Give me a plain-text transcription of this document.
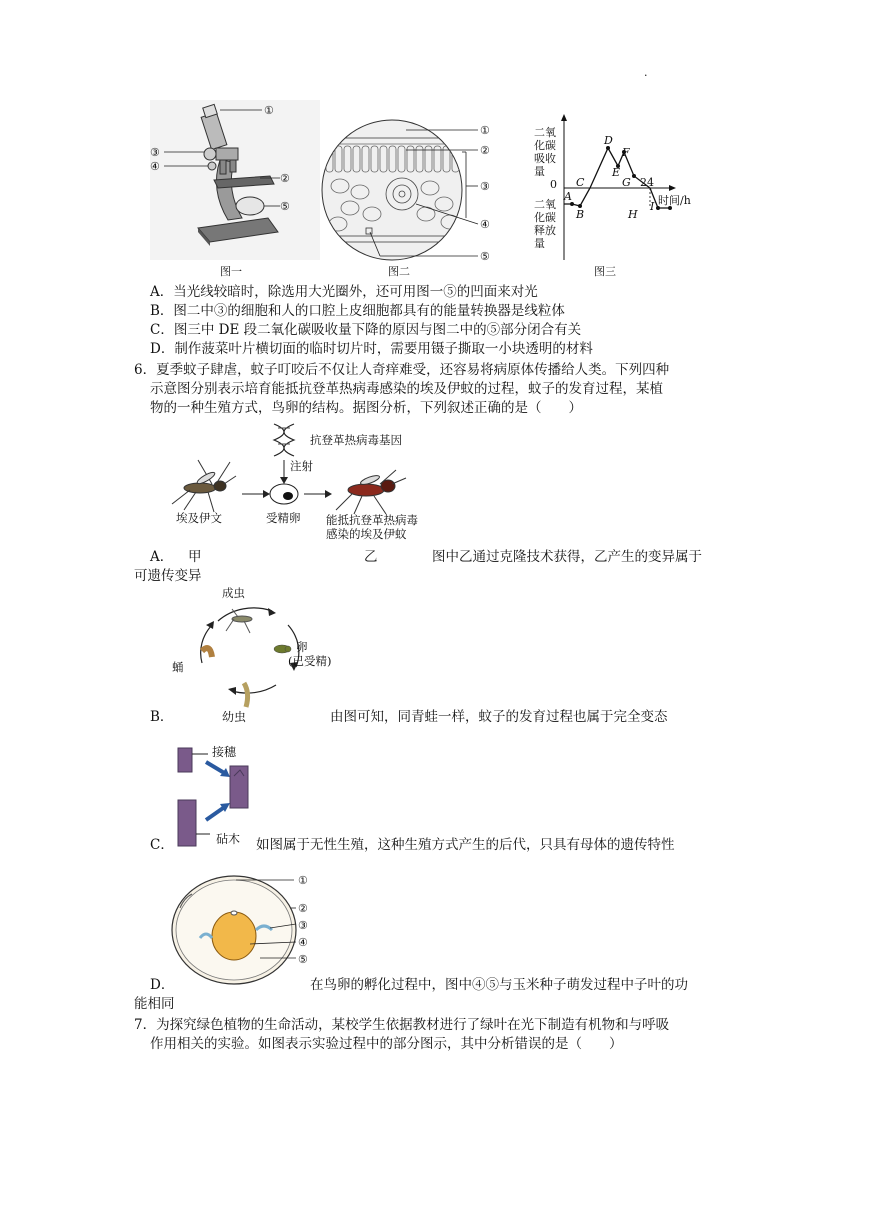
.
①
③
④
②
⑤
图一
①
②
③
④
⑤
图二
二氧
化碳
吸收
量
0
二氧
化碳
释放
量
24
时间/h
A
B
C
D
E
F
G
H
I
图三
A．当光线较暗时，除选用大光圈外，还可用图一⑤的凹面来对光
B．图二中③的细胞和人的口腔上皮细胞都具有的能量转换器是线粒体
C．图三中 DE 段二氧化碳吸收量下降的原因与图二中的⑤部分闭合有关
D．制作菠菜叶片横切面的临时切片时，需要用镊子撕取一小块透明的材料
6．夏季蚊子肆虐，蚊子叮咬后不仅让人奇痒难受，还容易将病原体传播给人类。下列四种
示意图分别表示培育能抵抗登革热病毒感染的埃及伊蚊的过程，蚊子的发育过程，某植
物的一种生殖方式，鸟卵的结构。据图分析，下列叙述正确的是（　　）
抗登革热病毒基因
注射
埃及伊文	受精卵 能抵抗登革热病毒
感染的埃及伊蚊
A． 甲	乙	图中乙通过克隆技术获得，乙产生的变异属于
可遗传变异
成虫
卵
(已受精)
蛹
B．	幼虫	由图可知，同青蛙一样，蚊子的发育过程也属于完全变态
接穗
C．	砧木 如图属于无性生殖，这种生殖方式产生的后代，只具有母体的遗传特性
①
②
③
④
⑤
D．	在鸟卵的孵化过程中，图中④⑤与玉米种子萌发过程中子叶的功
能相同
7．为探究绿色植物的生命活动，某校学生依据教材进行了绿叶在光下制造有机物和与呼吸
作用相关的实验。如图表示实验过程中的部分图示，其中分析错误的是（　　）
